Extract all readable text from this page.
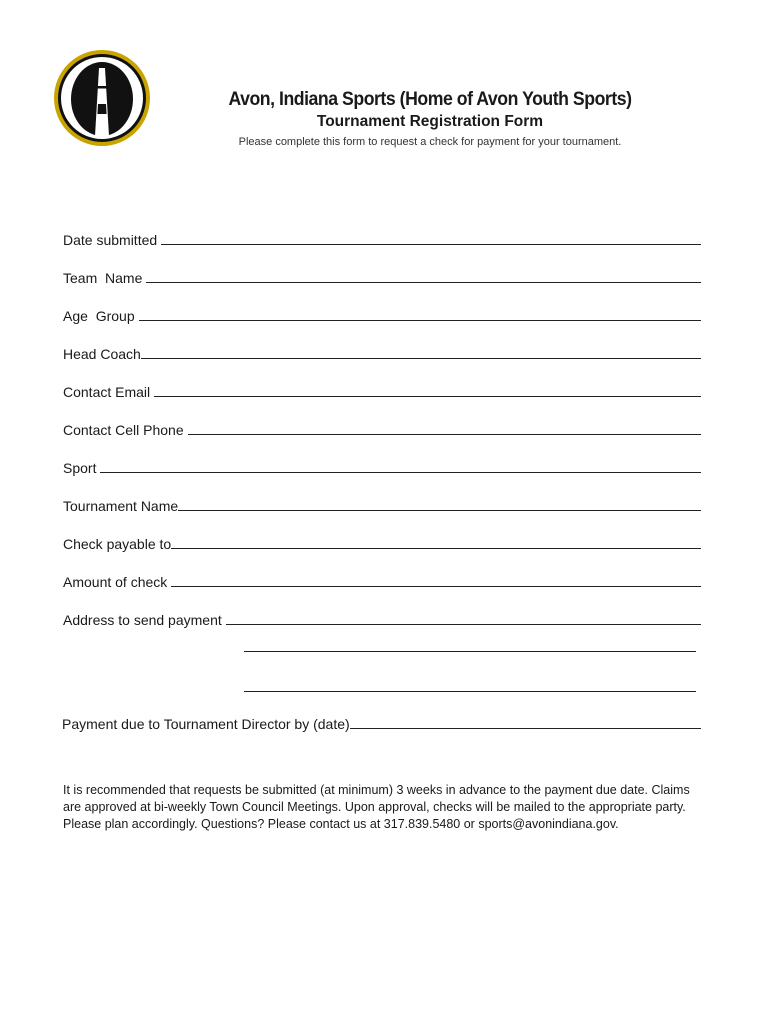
Avon, Indiana Sports (Home of Avon Youth Sports)
Tournament Registration Form
Please complete this form to request a check for payment for your tournament.
Date submitted
Team  Name
Age  Group
Head Coach
Contact Email
Contact Cell Phone
Sport
Tournament Name
Check payable to
Amount of check
Address to send payment
Payment due to Tournament Director by (date)
It is recommended that requests be submitted (at minimum) 3 weeks in advance to the payment due date. Claims are approved at bi-weekly Town Council Meetings. Upon approval, checks will be mailed to the appropriate party. Please plan accordingly. Questions? Please contact us at 317.839.5480 or sports@avonindiana.gov.
